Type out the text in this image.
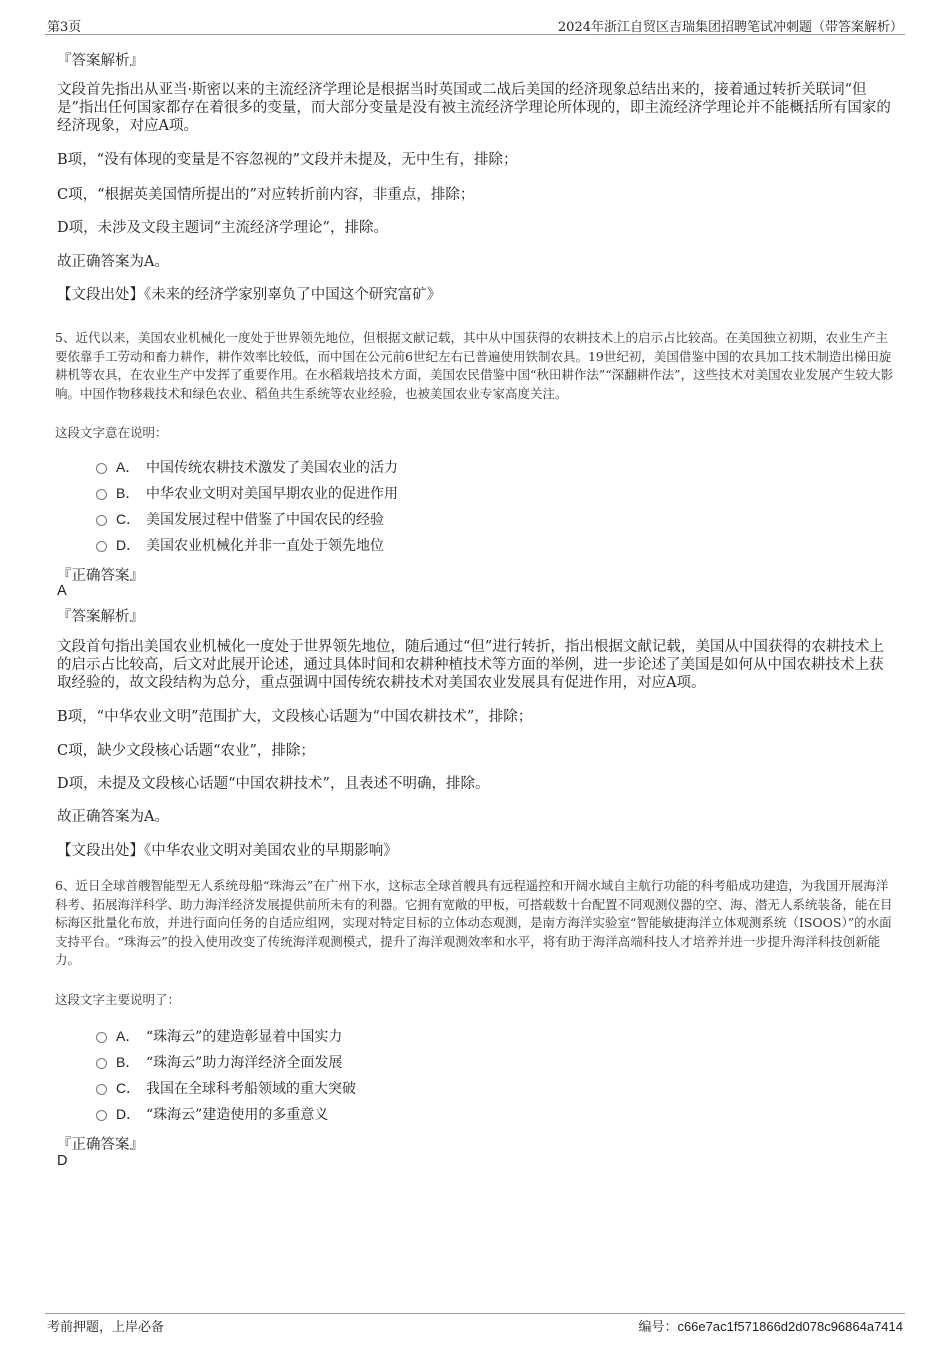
第3页	2024年浙江自贸区吉瑞集团招聘笔试冲刺题（带答案解析）
『答案解析』
文段首先指出从亚当·斯密以来的主流经济学理论是根据当时英国或二战后美国的经济现象总结出来的，接着通过转折关联词“但是”指出任何国家都存在着很多的变量，而大部分变量是没有被主流经济学理论所体现的，即主流经济学理论并不能概括所有国家的经济现象，对应A项。
B项，“没有体现的变量是不容忽视的”文段并未提及，无中生有，排除；
C项，“根据英美国情所提出的”对应转折前内容，非重点，排除；
D项，未涉及文段主题词“主流经济学理论”，排除。
故正确答案为A。
【文段出处】《未来的经济学家别辜负了中国这个研究富矿》
5、近代以来，美国农业机械化一度处于世界领先地位，但根据文献记载，其中从中国获得的农耕技术上的启示占比较高。在美国独立初期，农业生产主要依靠手工劳动和畜力耕作，耕作效率比较低，而中国在公元前6世纪左右已普遍使用铁制农具。19世纪初，美国借鉴中国的农具加工技术制造出梯田旋耕机等农具，在农业生产中发挥了重要作用。在水稻栽培技术方面，美国农民借鉴中国“秋田耕作法”“深翻耕作法”，这些技术对美国农业发展产生较大影响。中国作物移栽技术和绿色农业、稻鱼共生系统等农业经验，也被美国农业专家高度关注。
这段文字意在说明：
A． 中国传统农耕技术激发了美国农业的活力
B． 中华农业文明对美国早期农业的促进作用
C． 美国发展过程中借鉴了中国农民的经验
D． 美国农业机械化并非一直处于领先地位
『正确答案』
A
『答案解析』
文段首句指出美国农业机械化一度处于世界领先地位，随后通过“但”进行转折，指出根据文献记载，美国从中国获得的农耕技术上的启示占比较高，后文对此展开论述，通过具体时间和农耕种植技术等方面的举例，进一步论述了美国是如何从中国农耕技术上获取经验的，故文段结构为总分，重点强调中国传统农耕技术对美国农业发展具有促进作用，对应A项。
B项，“中华农业文明”范围扩大，文段核心话题为“中国农耕技术”，排除；
C项，缺少文段核心话题“农业”，排除；
D项，未提及文段核心话题“中国农耕技术”，且表述不明确，排除。
故正确答案为A。
【文段出处】《中华农业文明对美国农业的早期影响》
6、近日全球首艘智能型无人系统母船“珠海云”在广州下水，这标志全球首艘具有远程遥控和开阔水域自主航行功能的科考船成功建造，为我国开展海洋科考、拓展海洋科学、助力海洋经济发展提供前所未有的利器。它拥有宽敞的甲板，可搭载数十台配置不同观测仪器的空、海、潜无人系统装备，能在目标海区批量化布放，并进行面向任务的自适应组网，实现对特定目标的立体动态观测，是南方海洋实验室“智能敏捷海洋立体观测系统（ISOOS）”的水面支持平台。“珠海云”的投入使用改变了传统海洋观测模式，提升了海洋观测效率和水平，将有助于海洋高端科技人才培养并进一步提升海洋科技创新能力。
这段文字主要说明了：
A． “珠海云”的建造彰显着中国实力
B． “珠海云”助力海洋经济全面发展
C． 我国在全球科考船领域的重大突破
D． “珠海云”建造使用的多重意义
『正确答案』
D
考前押题，上岸必备	编号：c66e7ac1f571866d2d078c96864a7414
